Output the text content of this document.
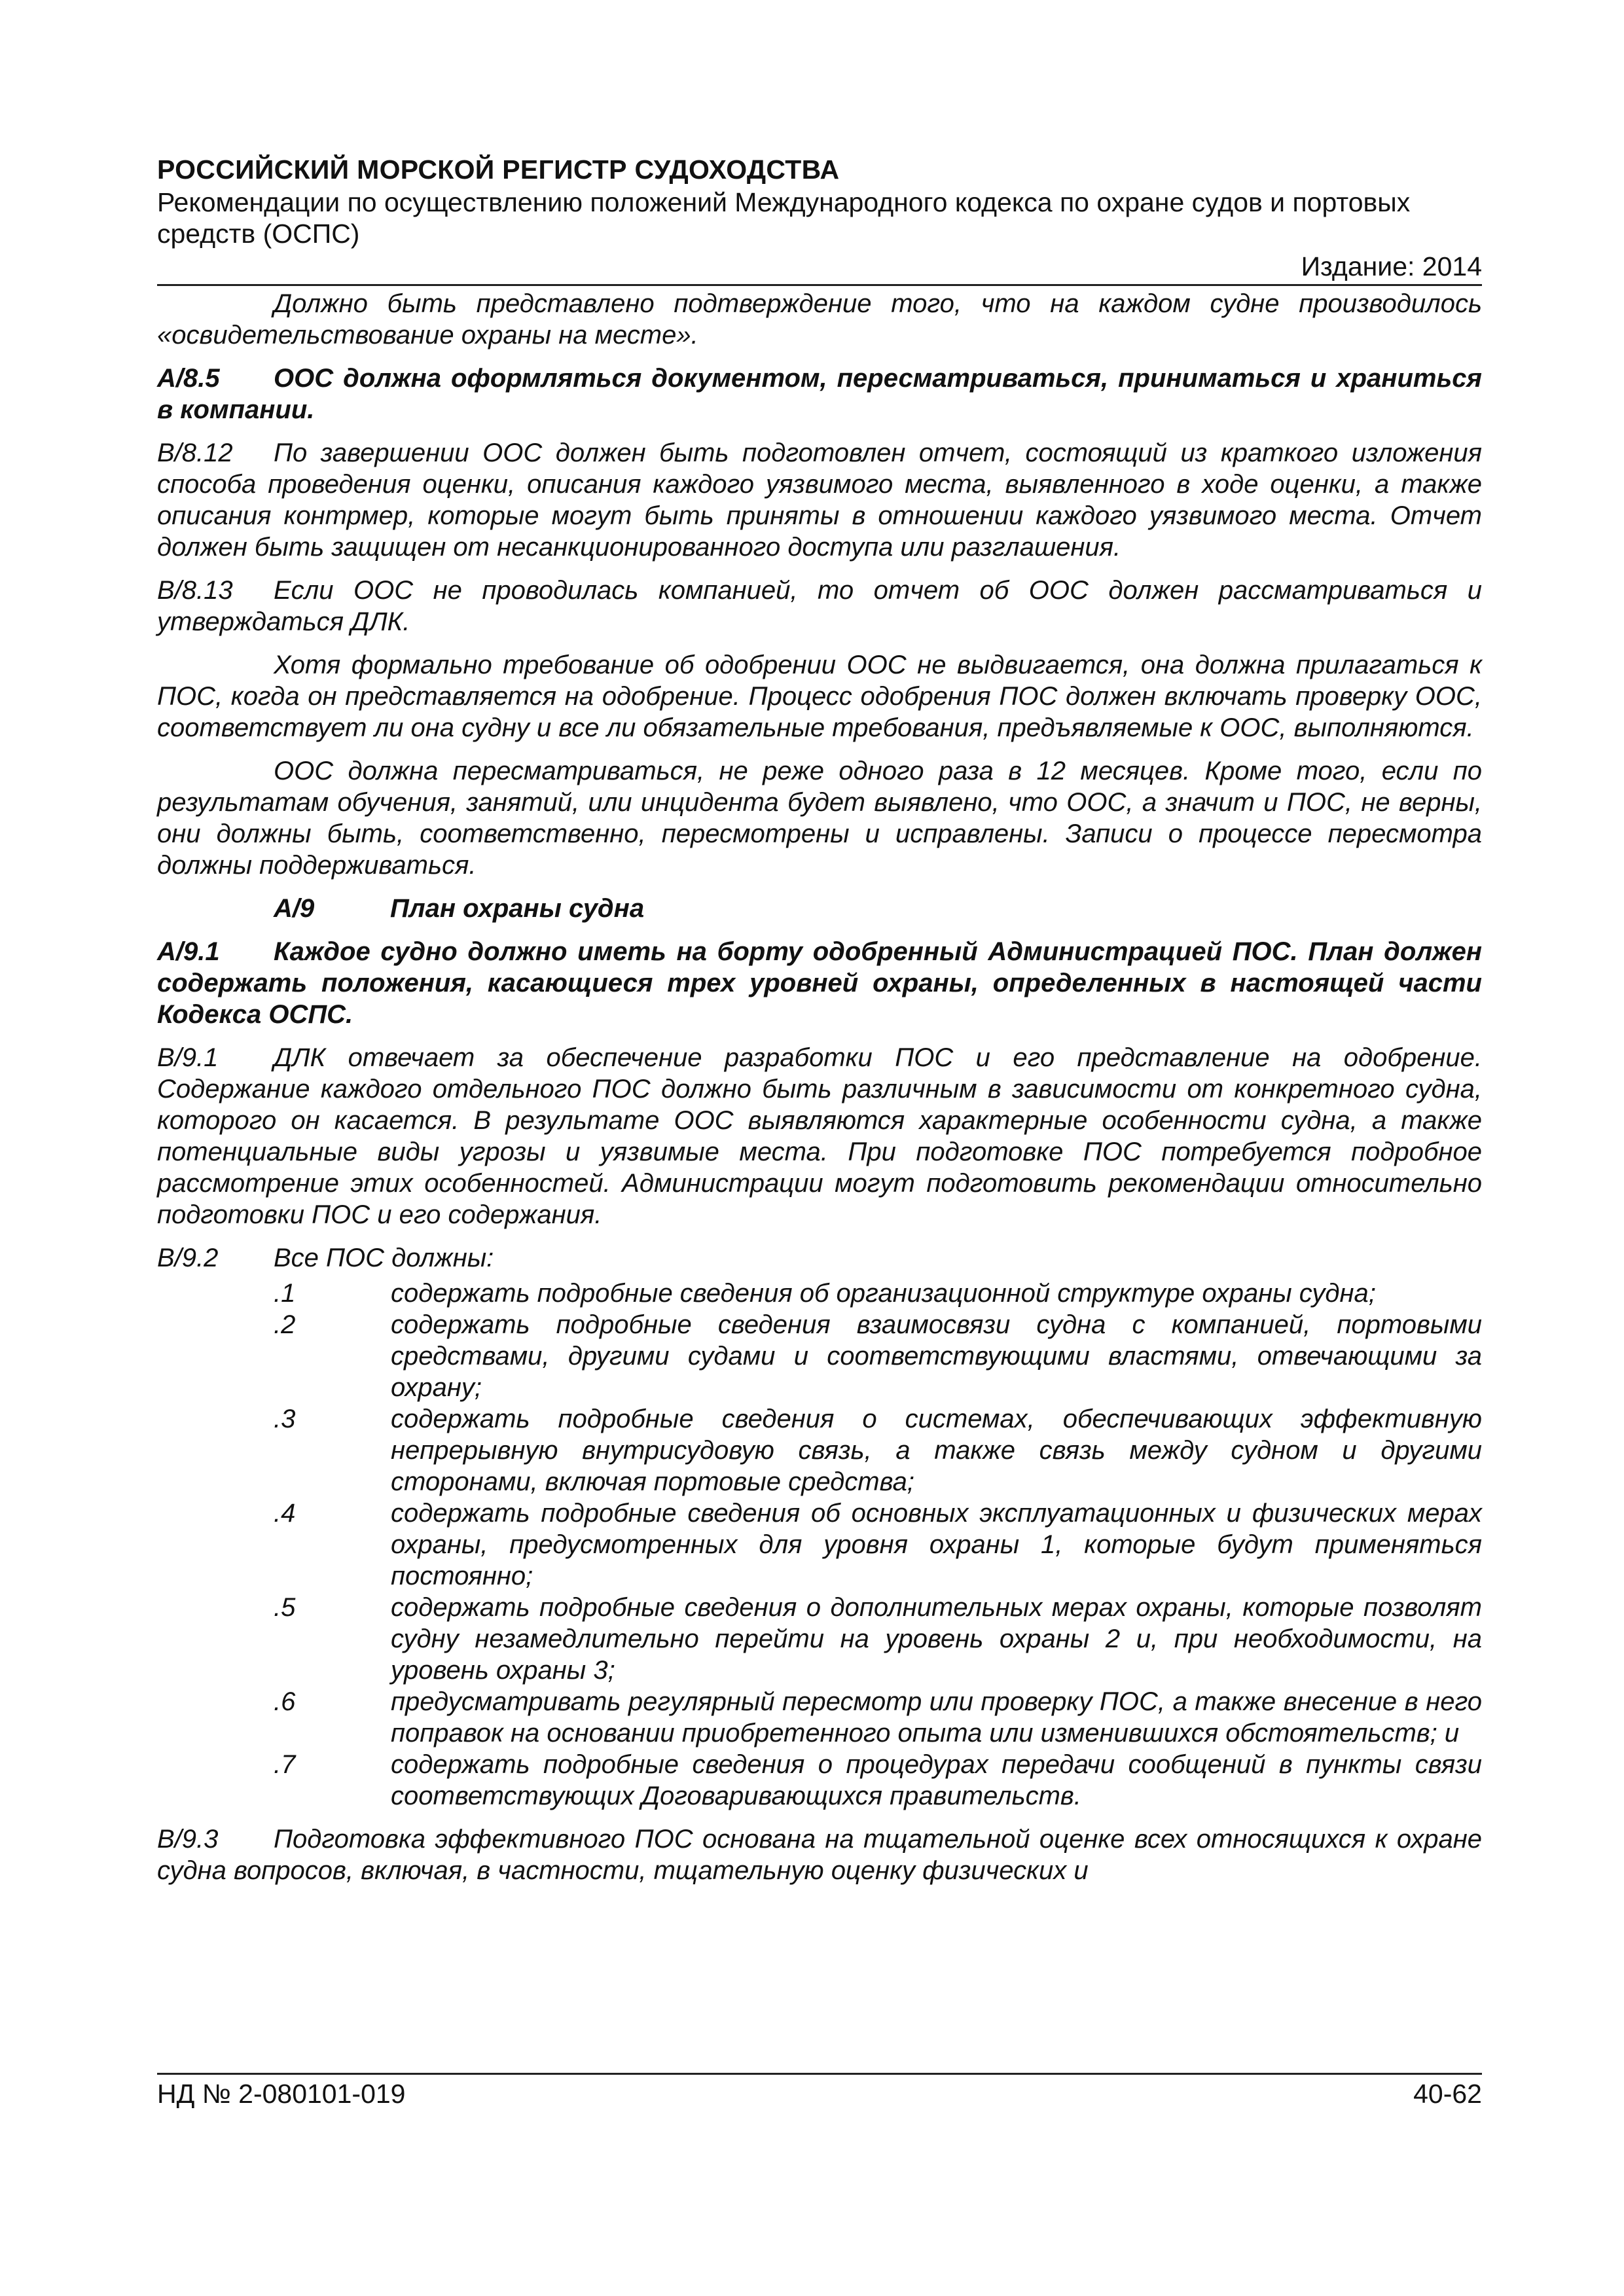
РОССИЙСКИЙ МОРСКОЙ РЕГИСТР СУДОХОДСТВА
Рекомендации по осуществлению положений Международного кодекса по охране судов и портовых средств (ОСПС)
Издание: 2014

Должно быть представлено подтверждение того, что на каждом судне производилось «освидетельствование охраны на месте».

А/8.5 ООС должна оформляться документом, пересматриваться, приниматься и храниться в компании.

В/8.12 По завершении ООС должен быть подготовлен отчет, состоящий из краткого изложения способа проведения оценки, описания каждого уязвимого места, выявленного в ходе оценки, а также описания контрмер, которые могут быть приняты в отношении каждого уязвимого места. Отчет должен быть защищен от несанкционированного доступа или разглашения.

В/8.13 Если ООС не проводилась компанией, то отчет об ООС должен рассматриваться и утверждаться ДЛК.

Хотя формально требование об одобрении ООС не выдвигается, она должна прилагаться к ПОС, когда он представляется на одобрение. Процесс одобрения ПОС должен включать проверку ООС, соответствует ли она судну и все ли обязательные требования, предъявляемые к ООС, выполняются.

ООС должна пересматриваться, не реже одного раза в 12 месяцев. Кроме того, если по результатам обучения, занятий, или инцидента будет выявлено, что ООС, а значит и ПОС, не верны, они должны быть, соответственно, пересмотрены и исправлены. Записи о процессе пересмотра должны поддерживаться.

А/9	План охраны судна

А/9.1 Каждое судно должно иметь на борту одобренный Администрацией ПОС. План должен содержать положения, касающиеся трех уровней охраны, определенных в настоящей части Кодекса ОСПС.

В/9.1 ДЛК отвечает за обеспечение разработки ПОС и его представление на одобрение. Содержание каждого отдельного ПОС должно быть различным в зависимости от конкретного судна, которого он касается. В результате ООС выявляются характерные особенности судна, а также потенциальные виды угрозы и уязвимые места. При подготовке ПОС потребуется подробное рассмотрение этих особенностей. Администрации могут подготовить рекомендации относительно подготовки ПОС и его содержания.

В/9.2 Все ПОС должны:

.1	содержать подробные сведения об организационной структуре охраны судна;
.2	содержать подробные сведения взаимосвязи судна с компанией, портовыми средствами, другими судами и соответствующими властями, отвечающими за охрану;
.3	содержать подробные сведения о системах, обеспечивающих эффективную непрерывную внутрисудовую связь, а также связь между судном и другими сторонами, включая портовые средства;
.4	содержать подробные сведения об основных эксплуатационных и физических мерах охраны, предусмотренных для уровня охраны 1, которые будут применяться постоянно;
.5	содержать подробные сведения о дополнительных мерах охраны, которые позволят судну незамедлительно перейти на уровень охраны 2 и, при необходимости, на уровень охраны 3;
.6	предусматривать регулярный пересмотр или проверку ПОС, а также внесение в него поправок на основании приобретенного опыта или изменившихся обстоятельств; и
.7	содержать подробные сведения о процедурах передачи сообщений в пункты связи соответствующих Договаривающихся правительств.

В/9.3 Подготовка эффективного ПОС основана на тщательной оценке всех относящихся к охране судна вопросов, включая, в частности, тщательную оценку физических и

НД № 2-080101-019	40-62
